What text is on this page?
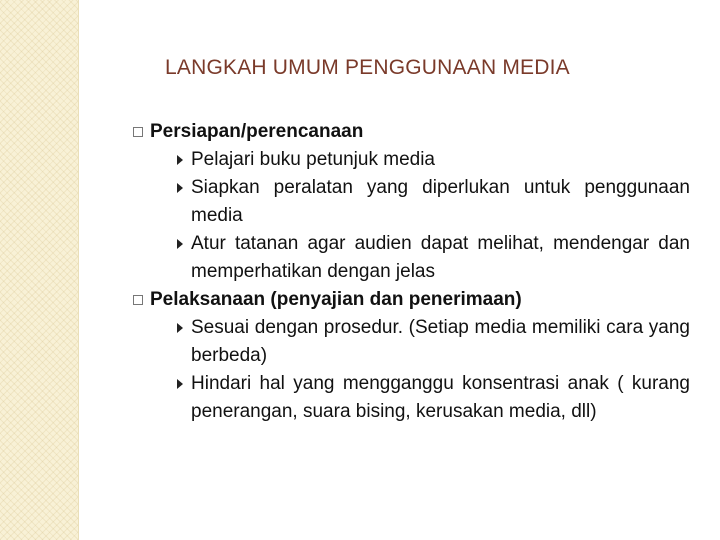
LANGKAH UMUM PENGGUNAAN MEDIA
Persiapan/perencanaan
Pelajari buku petunjuk media
Siapkan peralatan yang diperlukan untuk penggunaan media
Atur tatanan agar audien dapat melihat, mendengar dan memperhatikan dengan jelas
Pelaksanaan (penyajian dan penerimaan)
Sesuai dengan prosedur. (Setiap media memiliki cara yang berbeda)
Hindari hal yang mengganggu konsentrasi anak ( kurang penerangan, suara bising, kerusakan media, dll)
